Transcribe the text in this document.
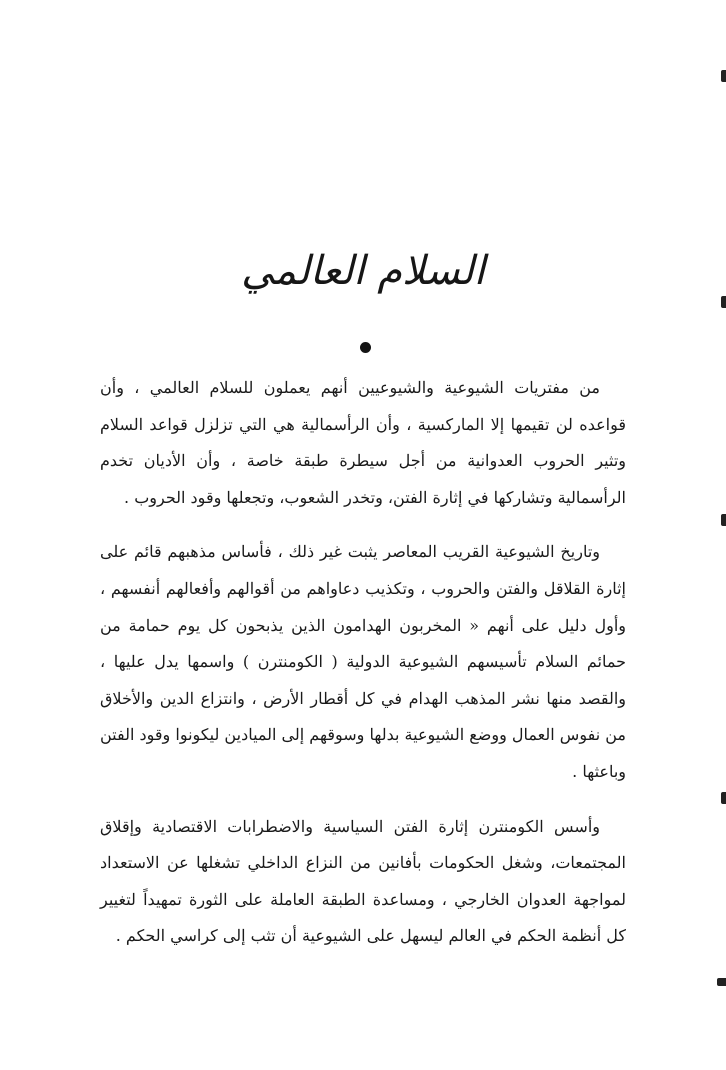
السلام العالمي

من مفتريات الشيوعية والشيوعيين أنهم يعملون للسلام العالمي ، وأن قواعده لن تقيمها إلا الماركسية ، وأن الرأسمالية هي التي تزلزل قواعد السلام وتثير الحروب العدوانية من أجل سيطرة طبقة خاصة ، وأن الأديان تخدم الرأسمالية وتشاركها في إثارة الفتن، وتخدر الشعوب، وتجعلها وقود الحروب .

وتاريخ الشيوعية القريب المعاصر يثبت غير ذلك ، فأساس مذهبهم قائم على إثارة القلاقل والفتن والحروب ، وتكذيب دعاواهم من أقوالهم وأفعالهم أنفسهم ، وأول دليل على أنهم « المخربون الهدامون الذين يذبحون كل يوم حمامة من حمائم السلام تأسيسهم الشيوعية الدولية ( الكومنترن ) واسمها يدل عليها ، والقصد منها نشر المذهب الهدام في كل أقطار الأرض ، وانتزاع الدين والأخلاق من نفوس العمال ووضع الشيوعية بدلها وسوقهم إلى الميادين ليكونوا وقود الفتن وباعثها .

وأسس الكومنترن إثارة الفتن السياسية والاضطرابات الاقتصادية وإقلاق المجتمعات، وشغل الحكومات بأفانين من النزاع الداخلي تشغلها عن الاستعداد لمواجهة العدوان الخارجي ، ومساعدة الطبقة العاملة على الثورة تمهيداً لتغيير كل أنظمة الحكم في العالم ليسهل على الشيوعية أن تثب إلى كراسي الحكم .
